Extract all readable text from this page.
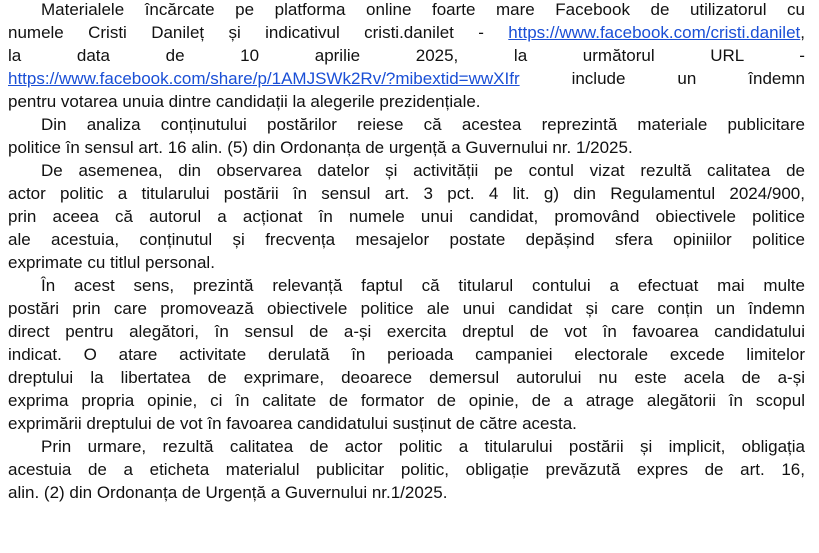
Materialele încărcate pe platforma online foarte mare Facebook de utilizatorul cu
numele Cristi Danileț și indicativul cristi.danilet - https://www.facebook.com/cristi.danilet,
la	data	de	10	aprilie	2025,	la	următorul	URL	-
https://www.facebook.com/share/p/1AMJSWk2Rv/?mibextid=wwXIfr include un îndemn
pentru votarea unuia dintre candidații la alegerile prezidențiale.
Din analiza conținutului postărilor reiese că acestea reprezintă materiale publicitare
politice în sensul art. 16 alin. (5) din Ordonanța de urgență a Guvernului nr. 1/2025.
De asemenea, din observarea datelor și activității pe contul vizat rezultă calitatea de
actor politic a titularului postării în sensul art. 3 pct. 4 lit. g) din Regulamentul 2024/900,
prin aceea că autorul a acționat în numele unui candidat, promovând obiectivele politice
ale acestuia, conținutul și frecvența mesajelor postate depășind sfera opiniilor politice
exprimate cu titlul personal.
În acest sens, prezintă relevanță faptul că titularul contului a efectuat mai multe
postări prin care promovează obiectivele politice ale unui candidat și care conțin un îndemn
direct pentru alegători, în sensul de a-și exercita dreptul de vot în favoarea candidatului
indicat. O atare activitate derulată în perioada campaniei electorale excede limitelor
dreptului la libertatea de exprimare, deoarece demersul autorului nu este acela de a-și
exprima propria opinie, ci în calitate de formator de opinie, de a atrage alegătorii în scopul
exprimării dreptului de vot în favoarea candidatului susținut de către acesta.
Prin urmare, rezultă calitatea de actor politic a titularului postării și implicit, obligația
acestuia de a eticheta materialul publicitar politic, obligație prevăzută expres de art. 16,
alin. (2) din Ordonanța de Urgență a Guvernului nr.1/2025.
